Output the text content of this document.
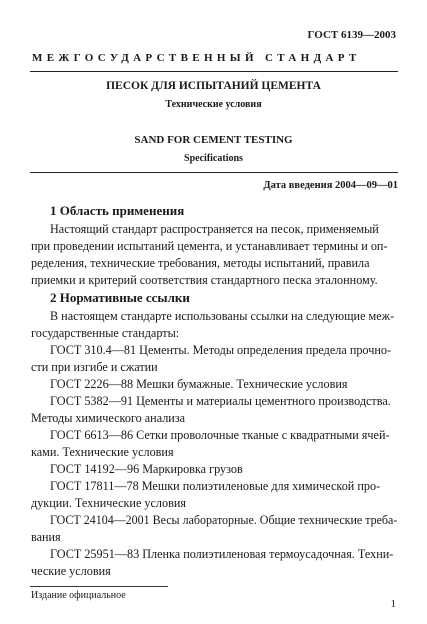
ГОСТ 6139—2003
МЕЖГОСУДАРСТВЕННЫЙ СТАНДАРТ
ПЕСОК ДЛЯ ИСПЫТАНИЙ ЦЕМЕНТА
Технические условия
SAND FOR CEMENT TESTING
Specifications
Дата введения 2004—09—01
1 Область применения
Настоящий стандарт распространяется на песок, применяемый
при проведении испытаний цемента, и устанавливает термины и оп-
ределения, технические требования, методы испытаний, правила
приемки и критерий соответствия стандартного песка эталонному.
2 Нормативные ссылки
В настоящем стандарте использованы ссылки на следующие меж-
государственные стандарты:
ГОСТ 310.4—81 Цементы. Методы определения предела прочно-
сти при изгибе и сжатии
ГОСТ 2226—88 Мешки бумажные. Технические условия
ГОСТ 5382—91 Цементы и материалы цементного производства.
Методы химического анализа
ГОСТ 6613—86 Сетки проволочные тканые с квадратными ячей-
ками. Технические условия
ГОСТ 14192—96 Маркировка грузов
ГОСТ 17811—78 Мешки полиэтиленовые для химической про-
дукции. Технические условия
ГОСТ 24104—2001 Весы лабораторные. Общие технические треба-
вания
ГОСТ 25951—83 Пленка полиэтиленовая термоусадочная. Техни-
ческие условия
Издание официальное
1
